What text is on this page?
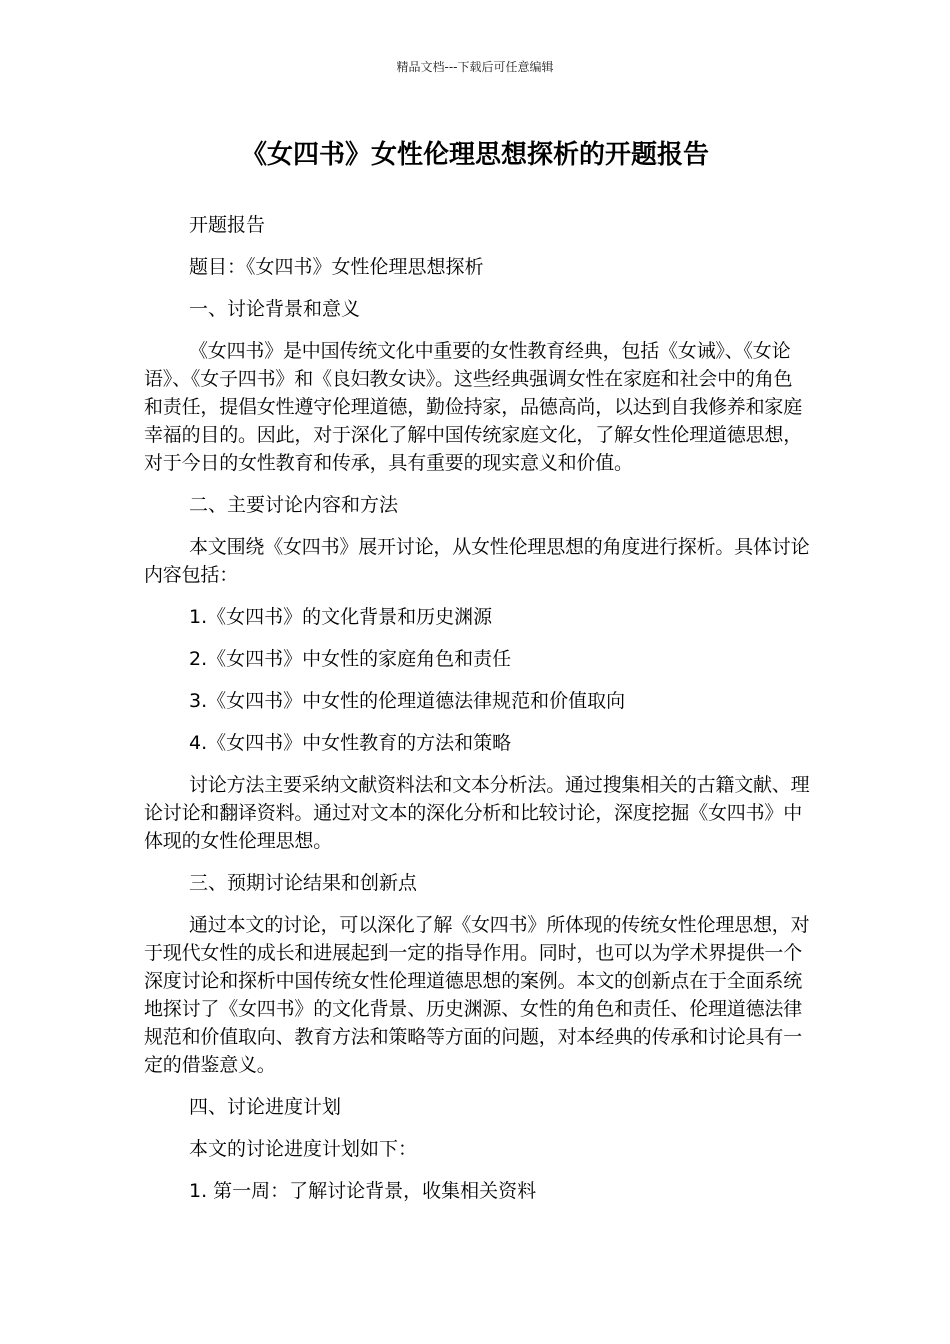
精品文档---下载后可任意编辑
《女四书》女性伦理思想探析的开题报告

开题报告

题目：《女四书》女性伦理思想探析

一、讨论背景和意义

《女四书》是中国传统文化中重要的女性教育经典，包括《女诫》、《女论语》、《女子四书》和《良妇教女诀》。这些经典强调女性在家庭和社会中的角色和责任，提倡女性遵守伦理道德，勤俭持家，品德高尚，以达到自我修养和家庭幸福的目的。因此，对于深化了解中国传统家庭文化，了解女性伦理道德思想，对于今日的女性教育和传承，具有重要的现实意义和价值。

二、主要讨论内容和方法

本文围绕《女四书》展开讨论，从女性伦理思想的角度进行探析。具体讨论内容包括：

1.《女四书》的文化背景和历史渊源

2.《女四书》中女性的家庭角色和责任

3.《女四书》中女性的伦理道德法律规范和价值取向

4.《女四书》中女性教育的方法和策略

讨论方法主要采纳文献资料法和文本分析法。通过搜集相关的古籍文献、理论讨论和翻译资料。通过对文本的深化分析和比较讨论，深度挖掘《女四书》中体现的女性伦理思想。

三、预期讨论结果和创新点

通过本文的讨论，可以深化了解《女四书》所体现的传统女性伦理思想，对于现代女性的成长和进展起到一定的指导作用。同时，也可以为学术界提供一个深度讨论和探析中国传统女性伦理道德思想的案例。本文的创新点在于全面系统地探讨了《女四书》的文化背景、历史渊源、女性的角色和责任、伦理道德法律规范和价值取向、教育方法和策略等方面的问题，对本经典的传承和讨论具有一定的借鉴意义。

四、讨论进度计划

本文的讨论进度计划如下：

1. 第一周：了解讨论背景，收集相关资料
